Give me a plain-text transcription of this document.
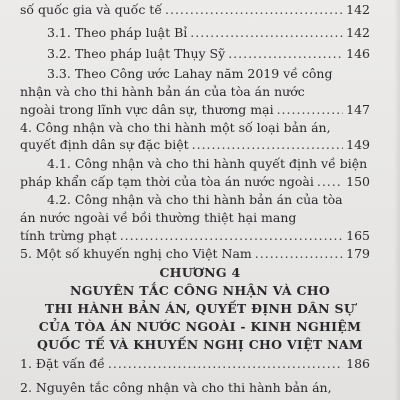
số quốc gia và quốc tế .....	142
3.1. Theo pháp luật Bỉ .....	142
3.2. Theo pháp luật Thụy Sỹ .....	146
3.3. Theo Công ước Lahay năm 2019 về công
nhận và cho thi hành bản án của tòa án nước
ngoài trong lĩnh vực dân sự, thương mại .....	147
4. Công nhận và cho thi hành một số loại bản án,
quyết định dân sự đặc biệt .....	149
4.1. Công nhận và cho thi hành quyết định về biện
pháp khẩn cấp tạm thời của tòa án nước ngoài .....	150
4.2. Công nhận và cho thi hành bản án của tòa
án nước ngoài về bồi thường thiệt hại mang
tính trừng phạt .....	165
5. Một số khuyến nghị cho Việt Nam .....	179
CHƯƠNG 4
NGUYÊN TẮC CÔNG NHẬN VÀ CHO
THI HÀNH BẢN ÁN, QUYẾT ĐỊNH DÂN SỰ
CỦA TÒA ÁN NƯỚC NGOÀI - KINH NGHIỆM
QUỐC TẾ VÀ KHUYẾN NGHỊ CHO VIỆT NAM
1. Đặt vấn đề .....	186
2. Nguyên tắc công nhận và cho thi hành bản án,
